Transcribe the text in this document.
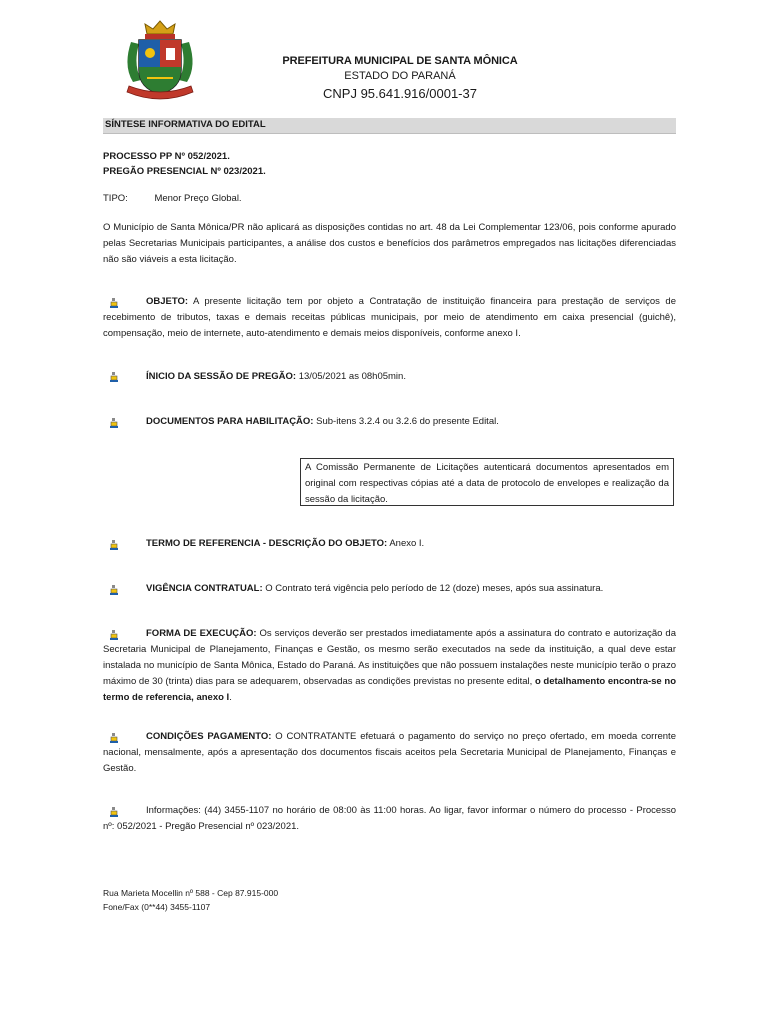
PREFEITURA MUNICIPAL DE SANTA MÔNICA
ESTADO DO PARANÁ
CNPJ 95.641.916/0001-37
SÍNTESE INFORMATIVA DO EDITAL
PROCESSO PP Nº 052/2021.
PREGÃO PRESENCIAL Nº 023/2021.
TIPO:	Menor Preço Global.
O Município de Santa Mônica/PR não aplicará as disposições contidas no art. 48 da Lei Complementar 123/06, pois conforme apurado pelas Secretarias Municipais participantes, a análise dos custos e benefícios dos parâmetros empregados nas licitações diferenciadas não são viáveis a esta licitação.
OBJETO: A presente licitação tem por objeto a Contratação de instituição financeira para prestação de serviços de recebimento de tributos, taxas e demais receitas públicas municipais, por meio de atendimento em caixa presencial (guichê), compensação, meio de internete, auto-atendimento e demais meios disponíveis, conforme anexo I.
ÍNICIO DA SESSÃO DE PREGÃO: 13/05/2021 as 08h05min.
DOCUMENTOS PARA HABILITAÇÃO: Sub-itens 3.2.4 ou 3.2.6 do presente Edital.
A Comissão Permanente de Licitações autenticará documentos apresentados em original com respectivas cópias até a data de protocolo de envelopes e realização da sessão da licitação.
TERMO DE REFERENCIA - DESCRIÇÃO DO OBJETO: Anexo I.
VIGÊNCIA CONTRATUAL: O Contrato terá vigência pelo período de 12 (doze) meses, após sua assinatura.
FORMA DE EXECUÇÃO: Os serviços deverão ser prestados imediatamente após a assinatura do contrato e autorização da Secretaria Municipal de Planejamento, Finanças e Gestão, os mesmo serão executados na sede da instituição, a qual deve estar instalada no município de Santa Mônica, Estado do Paraná. As instituições que não possuem instalações neste município terão o prazo máximo de 30 (trinta) dias para se adequarem, observadas as condições previstas no presente edital, o detalhamento encontra-se no termo de referencia, anexo I.
CONDIÇÕES PAGAMENTO: O CONTRATANTE efetuará o pagamento do serviço no preço ofertado, em moeda corrente nacional, mensalmente, após a apresentação dos documentos fiscais aceitos pela Secretaria Municipal de Planejamento, Finanças e Gestão.
Informações: (44) 3455-1107 no horário de 08:00 às 11:00 horas. Ao ligar, favor informar o número do processo - Processo nº: 052/2021 - Pregão Presencial nº 023/2021.
Rua Marieta Mocellin nº 588 - Cep 87.915-000
Fone/Fax (0**44) 3455-1107
